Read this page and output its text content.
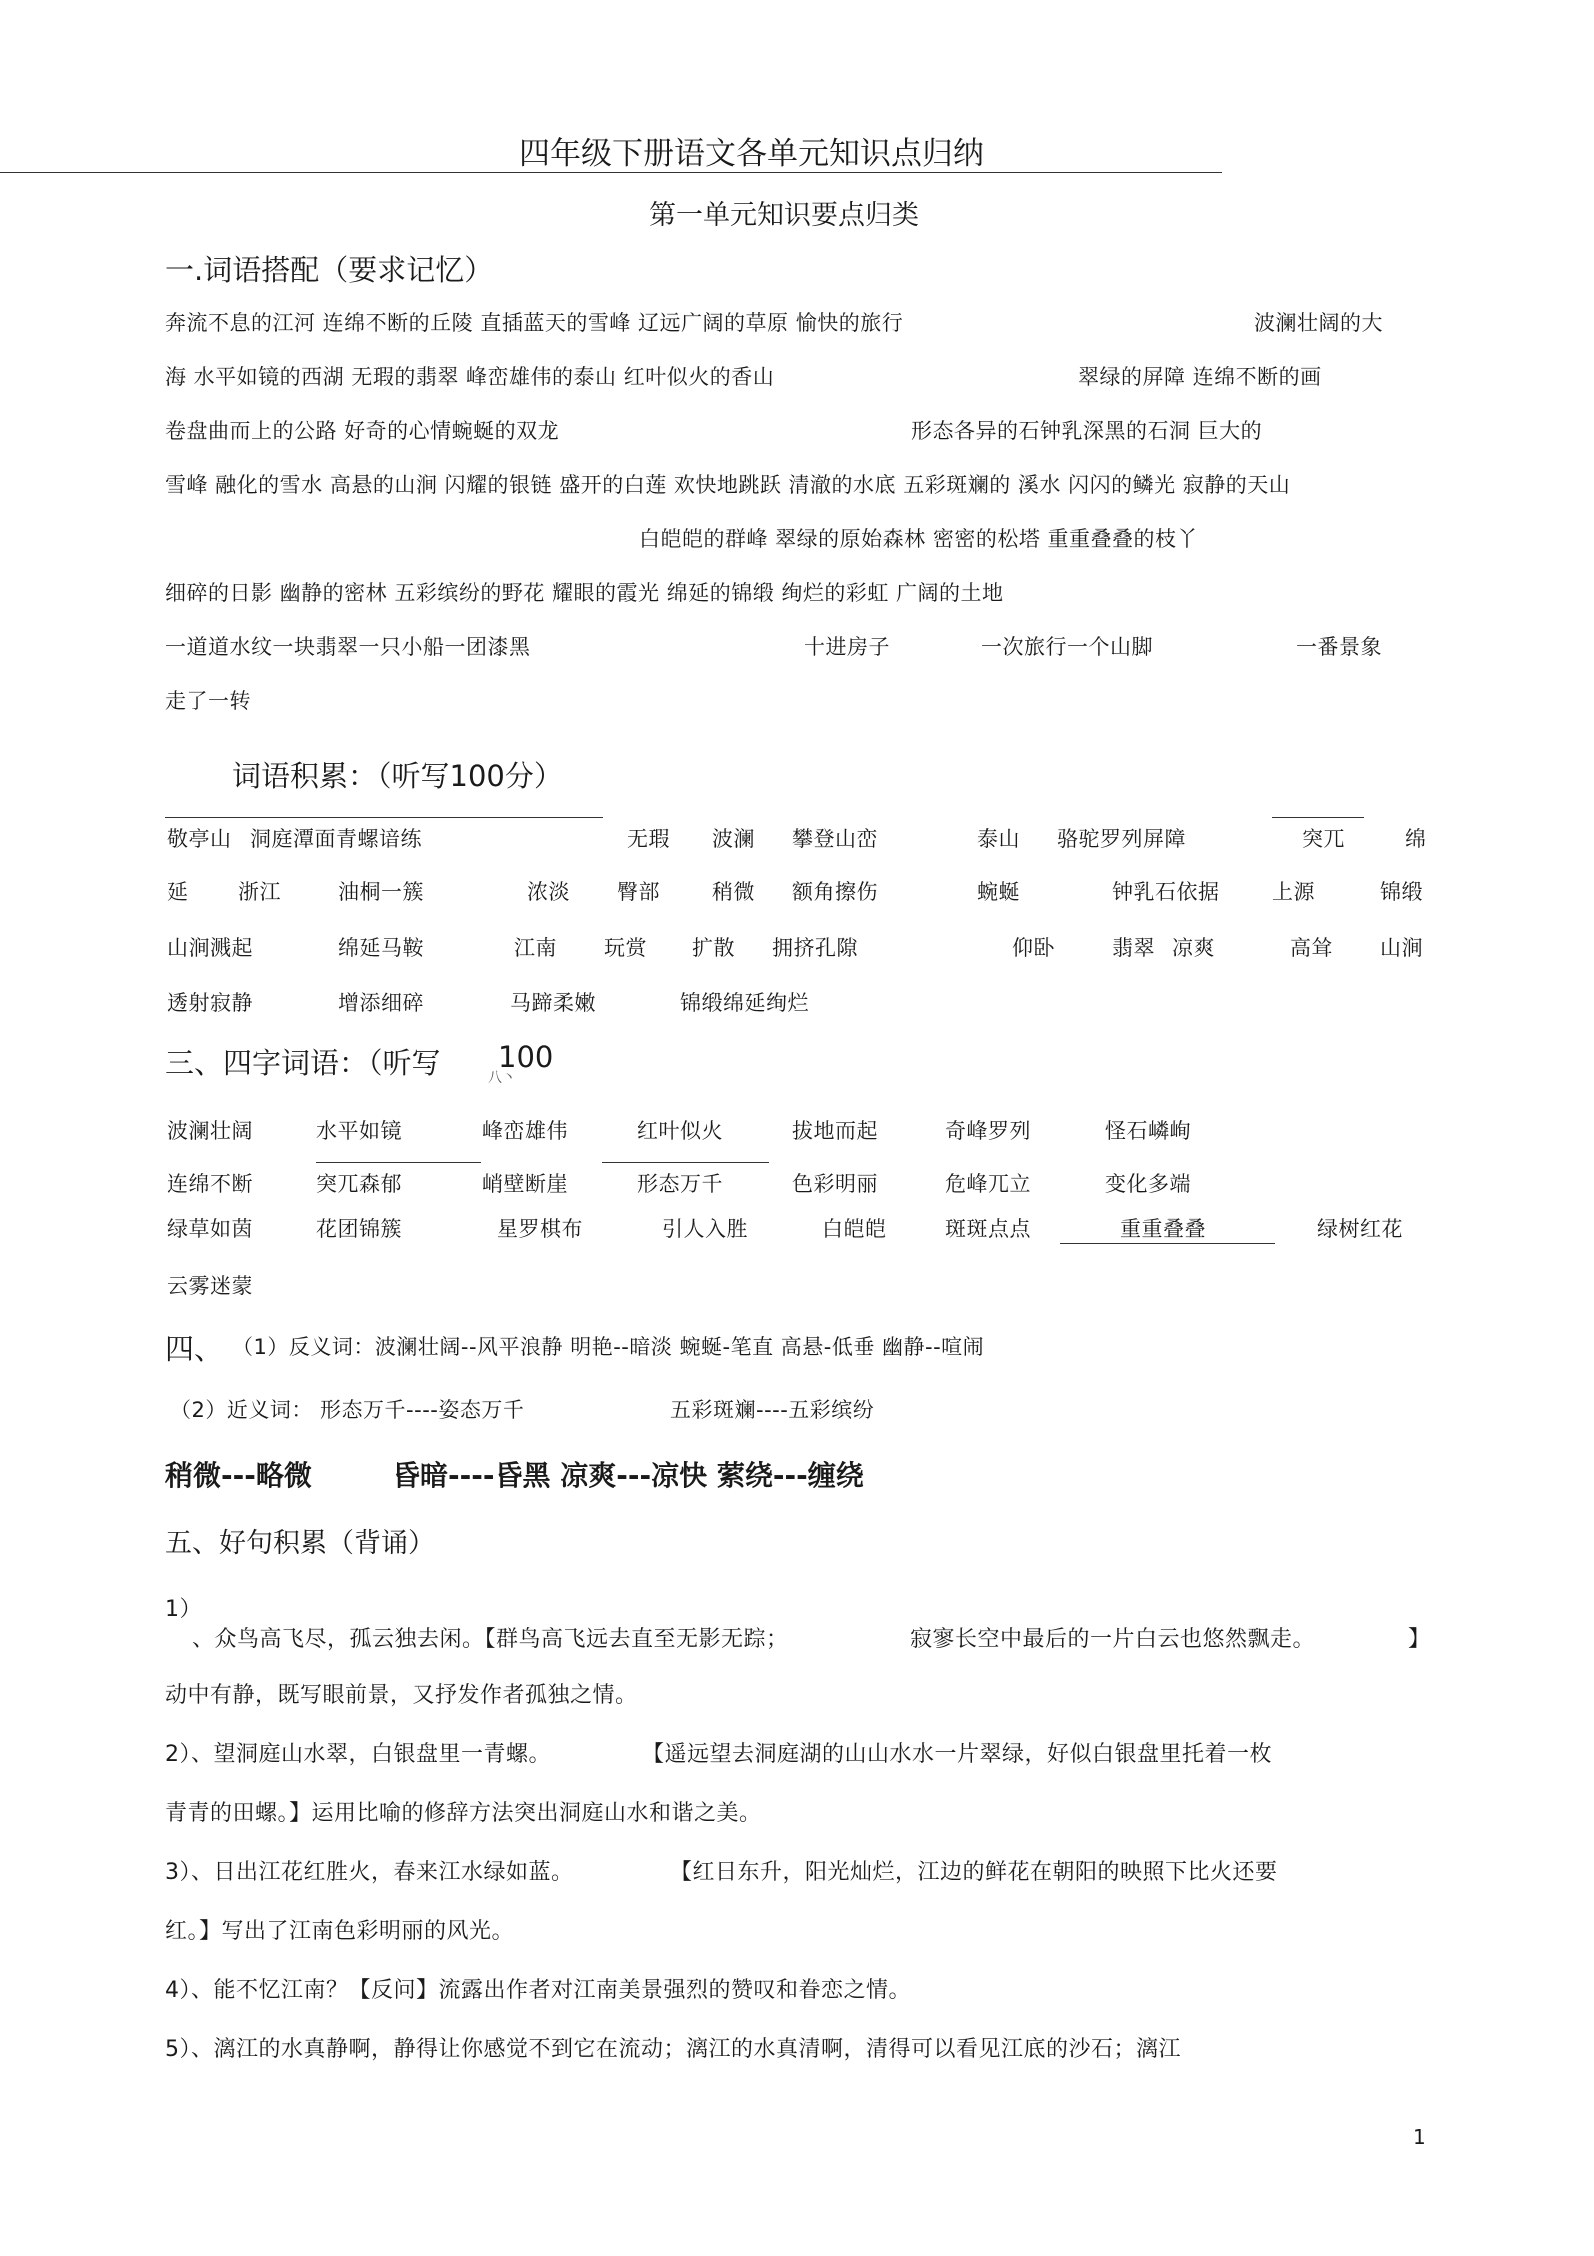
四年级下册语文各单元知识点归纳
第一单元知识要点归类
一.词语搭配（要求记忆）
奔流不息的江河 连绵不断的丘陵 直插蓝天的雪峰 辽远广阔的草原 愉快的旅行	波澜壮阔的大
海 水平如镜的西湖 无瑕的翡翠 峰峦雄伟的泰山 红叶似火的香山	翠绿的屏障 连绵不断的画
卷盘曲而上的公路 好奇的心情蜿蜒的双龙	形态各异的石钟乳深黑的石洞 巨大的
雪峰 融化的雪水 高悬的山涧 闪耀的银链 盛开的白莲 欢快地跳跃 清澈的水底 五彩斑斓的 溪水 闪闪的鳞光 寂静的天山
白皑皑的群峰 翠绿的原始森林 密密的松塔 重重叠叠的枝丫
细碎的日影 幽静的密林 五彩缤纷的野花 耀眼的霞光 绵延的锦缎 绚烂的彩虹 广阔的土地
一道道水纹一块翡翠一只小船一团漆黑	十进房子	一次旅行一个山脚	一番景象
走了一转
词语积累：（听写100分）
敬亭山 洞庭潭面青螺谙练	无瑕 波澜 攀登山峦	泰山 骆驼罗列屏障	突兀	绵
延 浙江	油桐一簇	浓淡 臀部 稍微 额角擦伤	蜿蜒	钟乳石依据	上源	锦缎
山涧溅起	绵延马鞍	江南 玩赏 扩散 拥挤孔隙	仰卧	翡翠 凉爽	高耸 山涧
透射寂静	增添细碎	马蹄柔嫩	锦缎绵延绚烂
三、四字词语：（听写 100
八丶
波澜壮阔	水平如镜	峰峦雄伟	红叶似火	拔地而起	奇峰罗列	怪石嶙峋
连绵不断	突兀森郁	峭壁断崖	形态万千	色彩明丽	危峰兀立	变化多端
绿草如茵	花团锦簇	星罗棋布	引人入胜	白皑皑	斑斑点点	重重叠叠	绿树红花
云雾迷蒙
四、 （1）反义词：波澜壮阔--风平浪静 明艳--暗淡 蜿蜒-笔直 高悬-低垂 幽静--喧闹
（2）近义词： 形态万千----姿态万千	五彩斑斓----五彩缤纷
稍微---略微	昏暗----昏黑 凉爽---凉快 萦绕---缠绕
五、好句积累（背诵）
1）
、众鸟高飞尽，孤云独去闲。【群鸟高飞远去直至无影无踪；	寂寥长空中最后的一片白云也悠然飘走。	】
动中有静，既写眼前景，又抒发作者孤独之情。
2）、望洞庭山水翠，白银盘里一青螺。	【遥远望去洞庭湖的山山水水一片翠绿，好似白银盘里托着一枚
青青的田螺。】运用比喻的修辞方法突出洞庭山水和谐之美。
3）、日出江花红胜火，春来江水绿如蓝。	【红日东升，阳光灿烂，江边的鲜花在朝阳的映照下比火还要
红。】写出了江南色彩明丽的风光。
4）、能不忆江南？【反问】流露出作者对江南美景强烈的赞叹和眷恋之情。
5）、漓江的水真静啊，静得让你感觉不到它在流动；漓江的水真清啊，清得可以看见江底的沙石；漓江
1
